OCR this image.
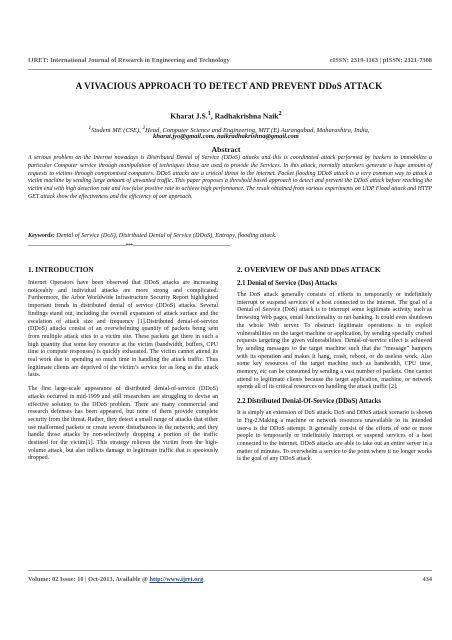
IJRET: International Journal of Research in Engineering and Technology	eISSN: 2319-1163 | pISSN: 2321-7308
A VIVACIOUS APPROACH TO DETECT AND PREVENT DDoS ATTACK
Kharat J.S.$^1$, Radhakrishna Naik$^2$
$^1$Student ME (CSE), $^2$Head, Computer Science and Engineering, MIT (E) Aurangabad, Maharashtra, India,
kharat.jyo@gmail.com, naikradhakrishna@gmail.com
Abstract
A serious problem on the Internet nowadays is Distributed Denial of Service (DDoS) attacks and this is coordinated attack performed by hackers to immobilize a particular Computer service through manipulation of techniques those are used to provide the Services. In this attack, normally attackers generate a huge amount of requests to victims through compromised computers. DDoS attacks are a critical threat to the internet. Packet flooding DDoS attack is a very common way to attack a victim machine by sending large amount of unwanted traffic. This paper proposes a threshold based approach to detect and prevent the DDoS attack before reaching the victim end with high detection rate and low false positive rate to achieve high performance. The result obtained from various experiments on UDP Flood attack and HTTP GET attack show the effectiveness and the efficiency of our approach.
Keywords: Denial of Service (DoS), Distributed Denial of Service (DDoS), Entropy, flooding attack.
----------------------------------------------------------------------***----------------------------------------------------------------------
1. INTRODUCTION

Internet Operators have been observed that DDoS attacks are increasing noticeably and individual attacks are more strong and complicated. Furthermore, the Arbor Worldwide Infrastructure Security Report highlighted important trends in distributed denial of service (DDoS) attacks. Several findings stand out, including the overall expansion of attack surface and the escalation of attack size and frequency [1].Distributed denial-of-service (DDoS) attacks consist of an overwhelming quantity of packets being sent from multiple attack sites to a victim site. These packets get there in such a high quantity that some key resource at the victim (bandwidth, buffers, CPU time to compute responses) is quickly exhausted. The victim cannot attend its real work due to spending so much time in handling the attack traffic. Thus legitimate clients are deprived of the victim’s service for as long as the attack lasts.

The first large-scale appearance of distributed denial-of-service (DDoS) attacks occurred in mid-1999 and still researchers are struggling to devise an effective solution to the DDoS problem. There are many commercial and research defenses has been appeared, but none of them provide complete security from the threat. Rather, they detect a small range of attacks that either use malformed packets or create severe disturbances in the network; and they handle those attacks by non-selectively dropping a portion of the traffic destined for the victim[1]. This strategy relieves the victim from the high-volume attack, but also inflicts damage to legitimate traffic that is speciously dropped.

2. OVERVIEW OF DoS AND DDoS ATTACK
2.1 Denial of Service (Dos) Attacks

The DoS attack generally consists of efforts to temporarily or indefinitely interrupt or suspend services of a host connected to the internet. The goal of a Denial of Service (DoS) attack is to interrupt some legitimate activity, such as browsing Web pages, email functionality or net banking. It could even shutdown the whole Web server. To obstruct legitimate operations is to exploit vulnerabilities on the target machine or application, by sending specially crafted requests targeting the given vulnerabilities. Denial-of-service effect is achieved by sending messages to the target machine such that the “message” hampers with its operation and makes it hang, crash, reboot, or do useless work. Also some key resources of the target machine such as bandwidth, CPU time, memory, etc can be consumed by sending a vast number of packets. One cannot attend to legitimate clients because the target application, machine, or network spends all of its critical resources on handling the attack traffic [2].

2.2 Distributed Denial-Of-Service (DDoS) Attacks

It is simply an extension of DoS attack. DoS and DDoS attack scenario is shown in Fig-2.Making a machine or network resources unavailable to its intended user-s is the DDoS attempt. It generally consist of the efforts of one or more people to temporarily or indefinitely interrupt or suspend services of a host connected to the internet. DDoS attacks are able to take out an entire server in a matter of minutes. To overwhelm a service to the point where it no longer works is the goal of any DDoS attack.

Volume: 02 Issue: 10 | Oct-2013, Available @ http://www.ijret.org	434
